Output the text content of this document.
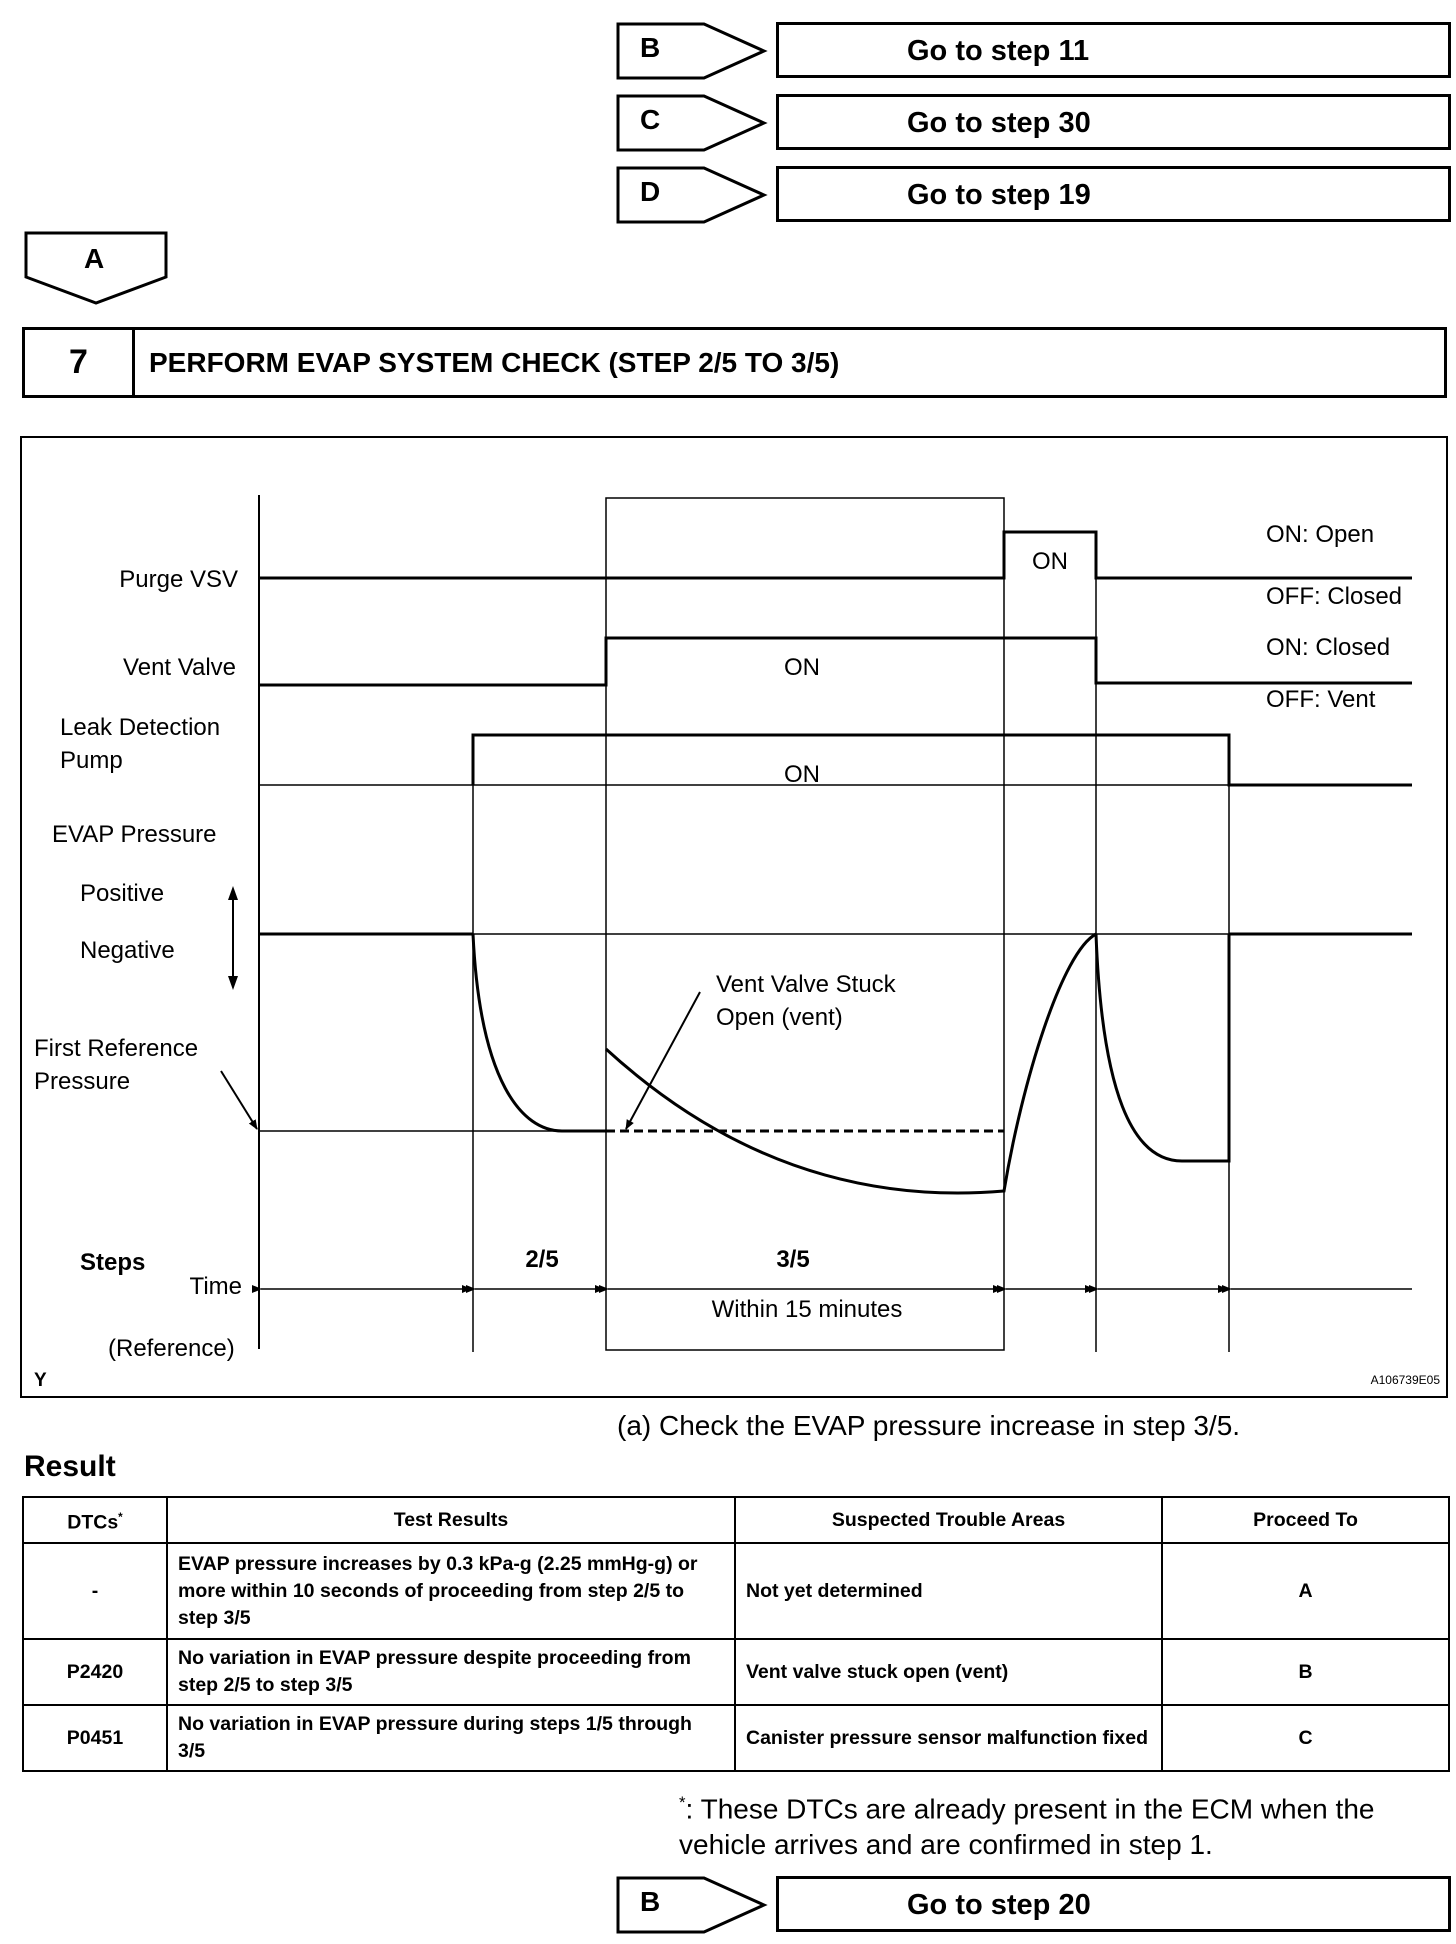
B	Go to step 11
C	Go to step 30
D	Go to step 19
A
7	PERFORM EVAP SYSTEM CHECK (STEP 2/5 TO 3/5)
Purge VSV
Vent Valve
Leak Detection
Pump
EVAP Pressure
Positive
Negative
First Reference
Pressure
ON
ON
ON
ON: Open
OFF: Closed
ON: Closed
OFF: Vent
Vent Valve Stuck
Open (vent)
Steps	2/5	3/5
Time
Within 15 minutes
(Reference)
Y	A106739E05
(a) Check the EVAP pressure increase in step 3/5.
Result
DTCs*	Test Results	Suspected Trouble Areas	Proceed To
-	EVAP pressure increases by 0.3 kPa-g (2.25 mmHg-g) or more within 10 seconds of proceeding from step 2/5 to step 3/5	Not yet determined	A
P2420	No variation in EVAP pressure despite proceeding from step 2/5 to step 3/5	Vent valve stuck open (vent)	B
P0451	No variation in EVAP pressure during steps 1/5 through 3/5	Canister pressure sensor malfunction fixed	C
*: These DTCs are already present in the ECM when the vehicle arrives and are confirmed in step 1.
B	Go to step 20
